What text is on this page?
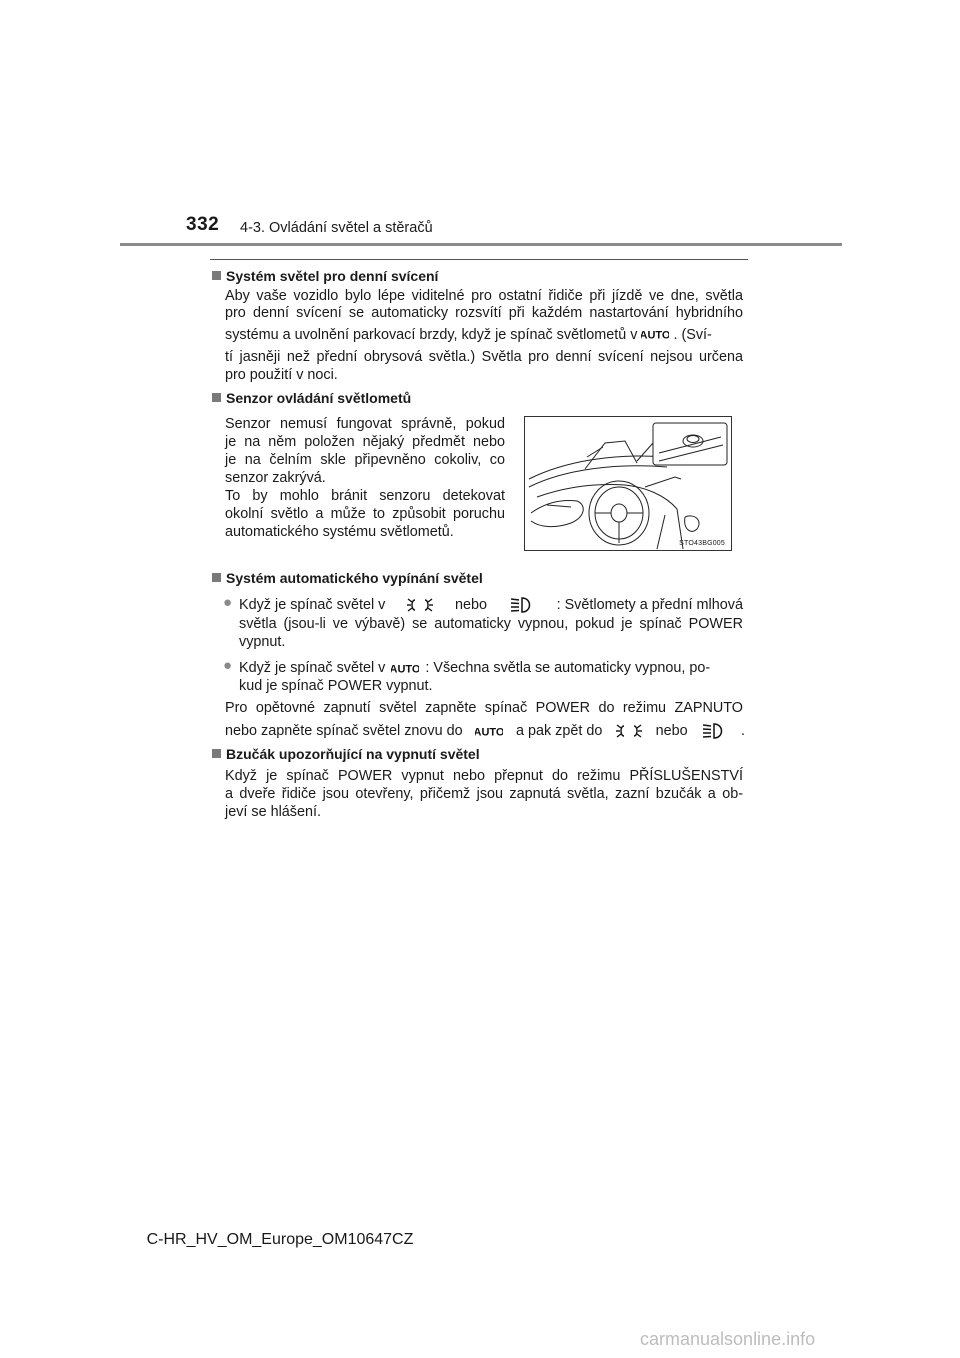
332 4-3. Ovládání světel a stěračů
Systém světel pro denní svícení
Aby vaše vozidlo bylo lépe viditelné pro ostatní řidiče při jízdě ve dne, světla
pro denní svícení se automaticky rozsvítí při každém nastartování hybridního
systému a uvolnění parkovací brzdy, když je spínač světlometů v	. (Sví-
tí jasněji než přední obrysová světla.) Světla pro denní svícení nejsou určena
pro použití v noci.
Senzor ovládání světlometů
Senzor nemusí fungovat správně, pokud
je na něm položen nějaký předmět nebo
je na čelním skle připevněno cokoliv, co
senzor zakrývá.
To by mohlo bránit senzoru detekovat
okolní světlo a může to způsobit poruchu
automatického systému světlometů.
STO43BG005
Systém automatického vypínání světel
● Když je spínač světel v	nebo	: Světlomety a přední mlhová
světla (jsou-li ve výbavě) se automaticky vypnou, pokud je spínač POWER
vypnut.
● Když je spínač světel v	: Všechna světla se automaticky vypnou, po-
kud je spínač POWER vypnut.
Pro opětovné zapnutí světel zapněte spínač POWER do režimu ZAPNUTO
nebo zapněte spínač světel znovu do	a pak zpět do	nebo	.
Bzučák upozorňující na vypnutí světel
Když je spínač POWER vypnut nebo přepnut do režimu PŘÍSLUŠENSTVÍ
a dveře řidiče jsou otevřeny, přičemž jsou zapnutá světla, zazní bzučák a ob-
jeví se hlášení.
C-HR_HV_OM_Europe_OM10647CZ
carmanualsonline.info
